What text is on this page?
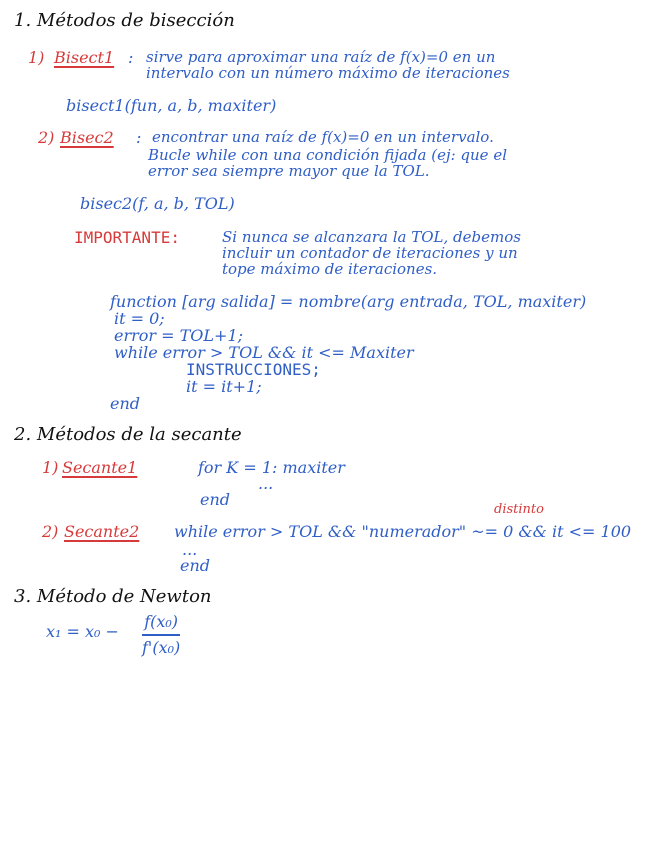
1. Métodos de bisección
1) Bisect1 : sirve para aproximar una raíz de f(x)=0 en un
intervalo con un número máximo de iteraciones
bisect1(fun, a, b, maxiter)
2) Bisec2 : encontrar una raíz de f(x)=0 en un intervalo.
Bucle while con una condición fijada (ej: que el
error sea siempre mayor que la TOL.
bisec2(f, a, b, TOL)
IMPORTANTE:	Si nunca se alcanzara la TOL, debemos
incluir un contador de iteraciones y un
tope máximo de iteraciones.
function [arg salida] = nombre(arg entrada, TOL, maxiter)
it = 0;
error = TOL+1;
while error > TOL && it <= Maxiter
INSTRUCCIONES;
it = it+1;
end
2. Métodos de la secante
1) Secante1	for K = 1: maxiter
...
end
distinto
2) Secante2 while error > TOL && "numerador" ~= 0 && it <= 100
...
end
3. Método de Newton
x₁ = x₀ −
f(x₀)
f'(x₀)
